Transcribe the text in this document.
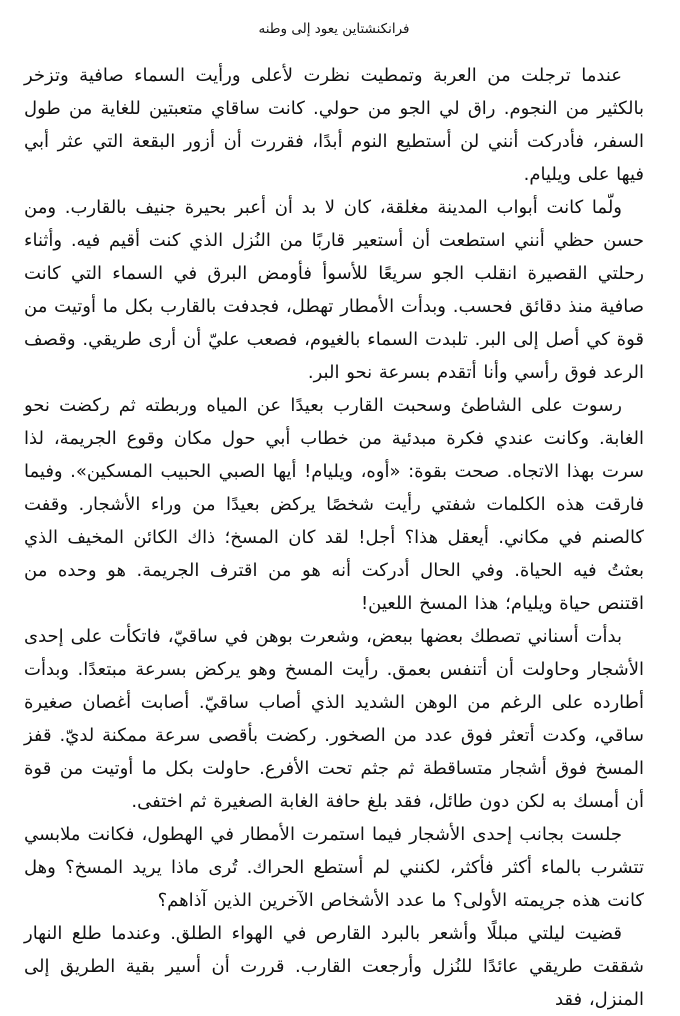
فرانكنشتاين يعود إلى وطنه

عندما ترجلت من العربة وتمطيت نظرت لأعلى ورأيت السماء صافية وتزخر بالكثير من النجوم. راق لي الجو من حولي. كانت ساقاي متعبتين للغاية من طول السفر، فأدركت أنني لن أستطيع النوم أبدًا، فقررت أن أزور البقعة التي عثر أبي فيها على ويليام.

ولّما كانت أبواب المدينة مغلقة، كان لا بد أن أعبر بحيرة جنيف بالقارب. ومن حسن حظي أنني استطعت أن أستعير قاربًا من النُزل الذي كنت أقيم فيه. وأثناء رحلتي القصيرة انقلب الجو سريعًا للأسوأ فأومض البرق في السماء التي كانت صافية منذ دقائق فحسب. وبدأت الأمطار تهطل، فجدفت بالقارب بكل ما أوتيت من قوة كي أصل إلى البر. تلبدت السماء بالغيوم، فصعب عليّ أن أرى طريقي. وقصف الرعد فوق رأسي وأنا أتقدم بسرعة نحو البر.

رسوت على الشاطئ وسحبت القارب بعيدًا عن المياه وربطته ثم ركضت نحو الغابة. وكانت عندي فكرة مبدئية من خطاب أبي حول مكان وقوع الجريمة، لذا سرت بهذا الاتجاه. صحت بقوة: «أوه، ويليام! أيها الصبي الحبيب المسكين». وفيما فارقت هذه الكلمات شفتي رأيت شخصًا يركض بعيدًا من وراء الأشجار. وقفت كالصنم في مكاني. أيعقل هذا؟ أجل! لقد كان المسخ؛ ذاك الكائن المخيف الذي بعثتُ فيه الحياة. وفي الحال أدركت أنه هو من اقترف الجريمة. هو وحده من اقتنص حياة ويليام؛ هذا المسخ اللعين!

بدأت أسناني تصطك بعضها ببعض، وشعرت بوهن في ساقيّ، فاتكأت على إحدى الأشجار وحاولت أن أتنفس بعمق. رأيت المسخ وهو يركض بسرعة مبتعدًا. وبدأت أطارده على الرغم من الوهن الشديد الذي أصاب ساقيّ. أصابت أغصان صغيرة ساقي، وكدت أتعثر فوق عدد من الصخور. ركضت بأقصى سرعة ممكنة لديّ. قفز المسخ فوق أشجار متساقطة ثم جثم تحت الأفرع. حاولت بكل ما أوتيت من قوة أن أمسك به لكن دون طائل، فقد بلغ حافة الغابة الصغيرة ثم اختفى.

جلست بجانب إحدى الأشجار فيما استمرت الأمطار في الهطول، فكانت ملابسي تتشرب بالماء أكثر فأكثر، لكنني لم أستطع الحراك. تُرى ماذا يريد المسخ؟ وهل كانت هذه جريمته الأولى؟ ما عدد الأشخاص الآخرين الذين آذاهم؟

قضيت ليلتي مبللًا وأشعر بالبرد القارص في الهواء الطلق. وعندما طلع النهار شققت طريقي عائدًا للنُزل وأرجعت القارب. قررت أن أسير بقية الطريق إلى المنزل، فقد
